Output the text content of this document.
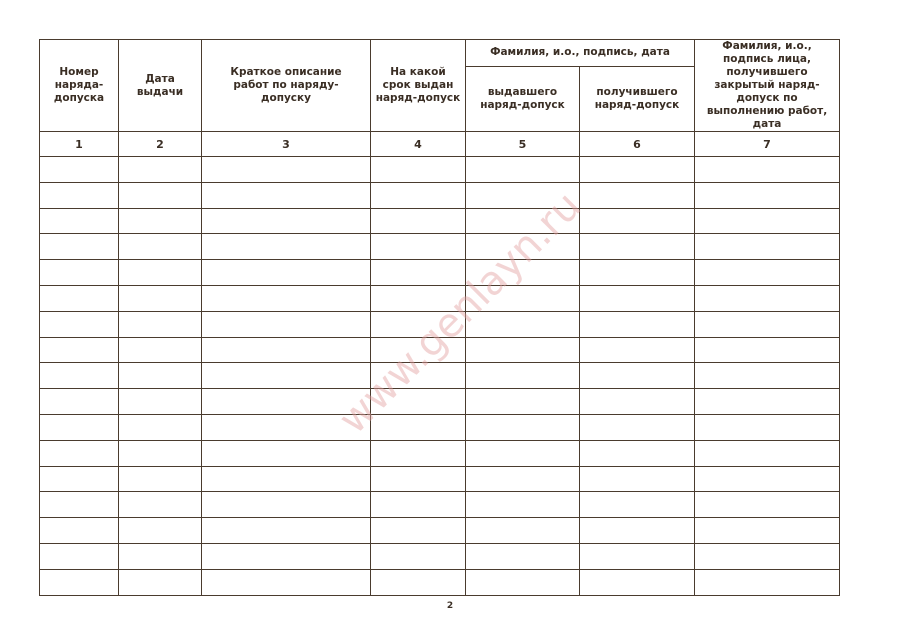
Номер наряда-допуска	Дата выдачи	Краткое описание работ по наряду-допуску	На какой срок выдан наряд-допуск	Фамилия, и.о., подпись, дата		Фамилия, и.о., подпись лица, получившего закрытый наряд-допуск по выполнению работ, дата

				выдавшего наряд-допуск	получившего наряд-допуск	

1	2	3	4	5	6	7

www.genlayn.ru
2
